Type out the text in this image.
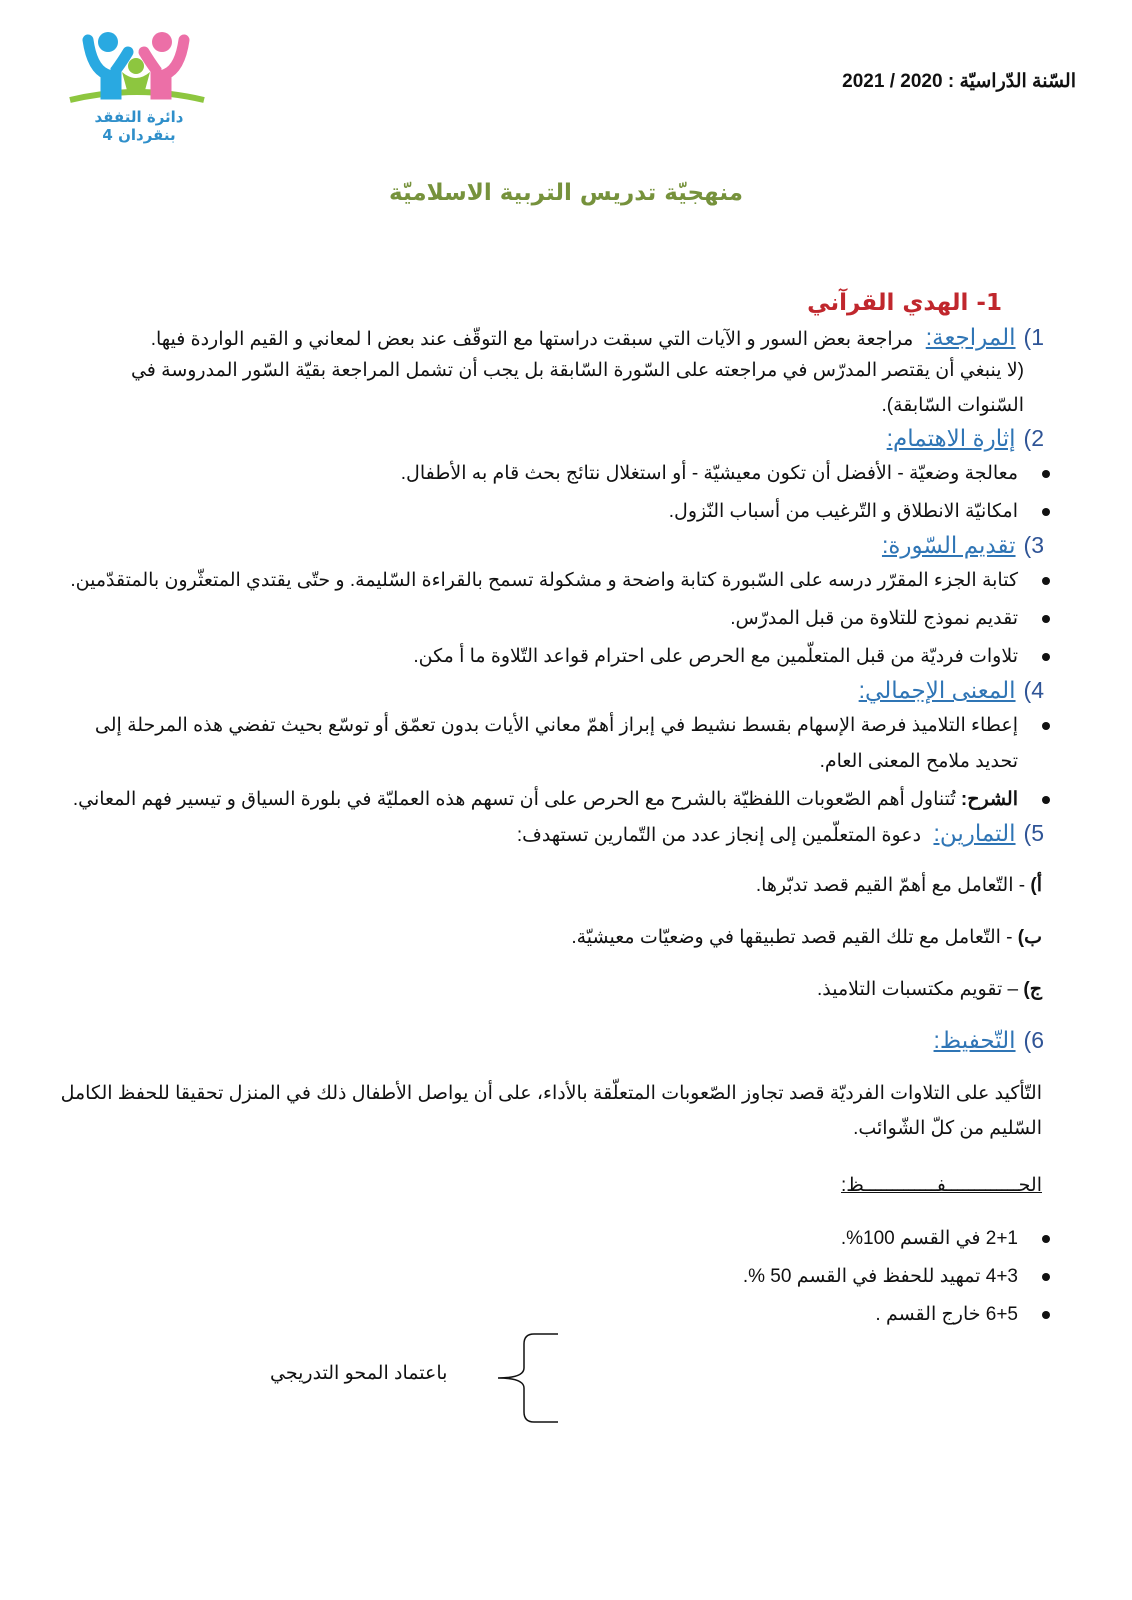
دائرة التفقد بنقردان 4
السّنة الدّراسيّة : 2020 / 2021
منهجيّة تدريس التربية الاسلاميّة
1- الهدي القرآني
1)المراجعة: مراجعة بعض السور و الآيات التي سبقت دراستها مع التوقّف عند بعض ا لمعاني و القيم الواردة فيها.
(لا ينبغي أن يقتصر المدرّس في مراجعته على السّورة السّابقة بل يجب أن تشمل المراجعة بقيّة السّور المدروسة في السّنوات السّابقة).
2)إثارة الاهتمام:
معالجة وضعيّة - الأفضل أن تكون معيشيّة - أو استغلال نتائج بحث قام به الأطفال.
امكانيّة الانطلاق و التّرغيب من أسباب النّزول.
3)تقديم السّورة:
كتابة الجزء المقرّر درسه على السّبورة كتابة واضحة و مشكولة تسمح بالقراءة السّليمة. و حتّى يقتدي المتعثّرون بالمتقدّمين.
تقديم نموذج للتلاوة من قبل المدرّس.
تلاوات فرديّة من قبل المتعلّمين مع الحرص على احترام قواعد التّلاوة ما أ مكن.
4)المعنى الإجمالي:
إعطاء التلاميذ فرصة الإسهام بقسط نشيط في إبراز أهمّ معاني الأيات بدون تعمّق أو توسّع بحيث تفضي هذه المرحلة إلى تحديد ملامح المعنى العام.
الشرح: تُتناول أهم الصّعوبات اللفظيّة بالشرح مع الحرص على أن تسهم هذه العمليّة في بلورة السياق و تيسير فهم المعاني.
5)التمارين: دعوة المتعلّمين إلى إنجاز عدد من التّمارين تستهدف:
أ) - التّعامل مع أهمّ القيم قصد تدبّرها.
ب) - التّعامل مع تلك القيم قصد تطبيقها في وضعيّات معيشيّة.
ج) – تقويم مكتسبات التلاميذ.
6)التّحفيظ:
التّأكيد على التلاوات الفرديّة قصد تجاوز الصّعوبات المتعلّقة بالأداء، على أن يواصل الأطفال ذلك في المنزل تحقيقا للحفظ الكامل السّليم من كلّ الشّوائب.
الحـــــــــــــفـــــــــــــظ:
2+1 في القسم 100%.
4+3 تمهيد للحفظ في القسم 50 %.
6+5 خارج القسم .
باعتماد المحو التدريجي
